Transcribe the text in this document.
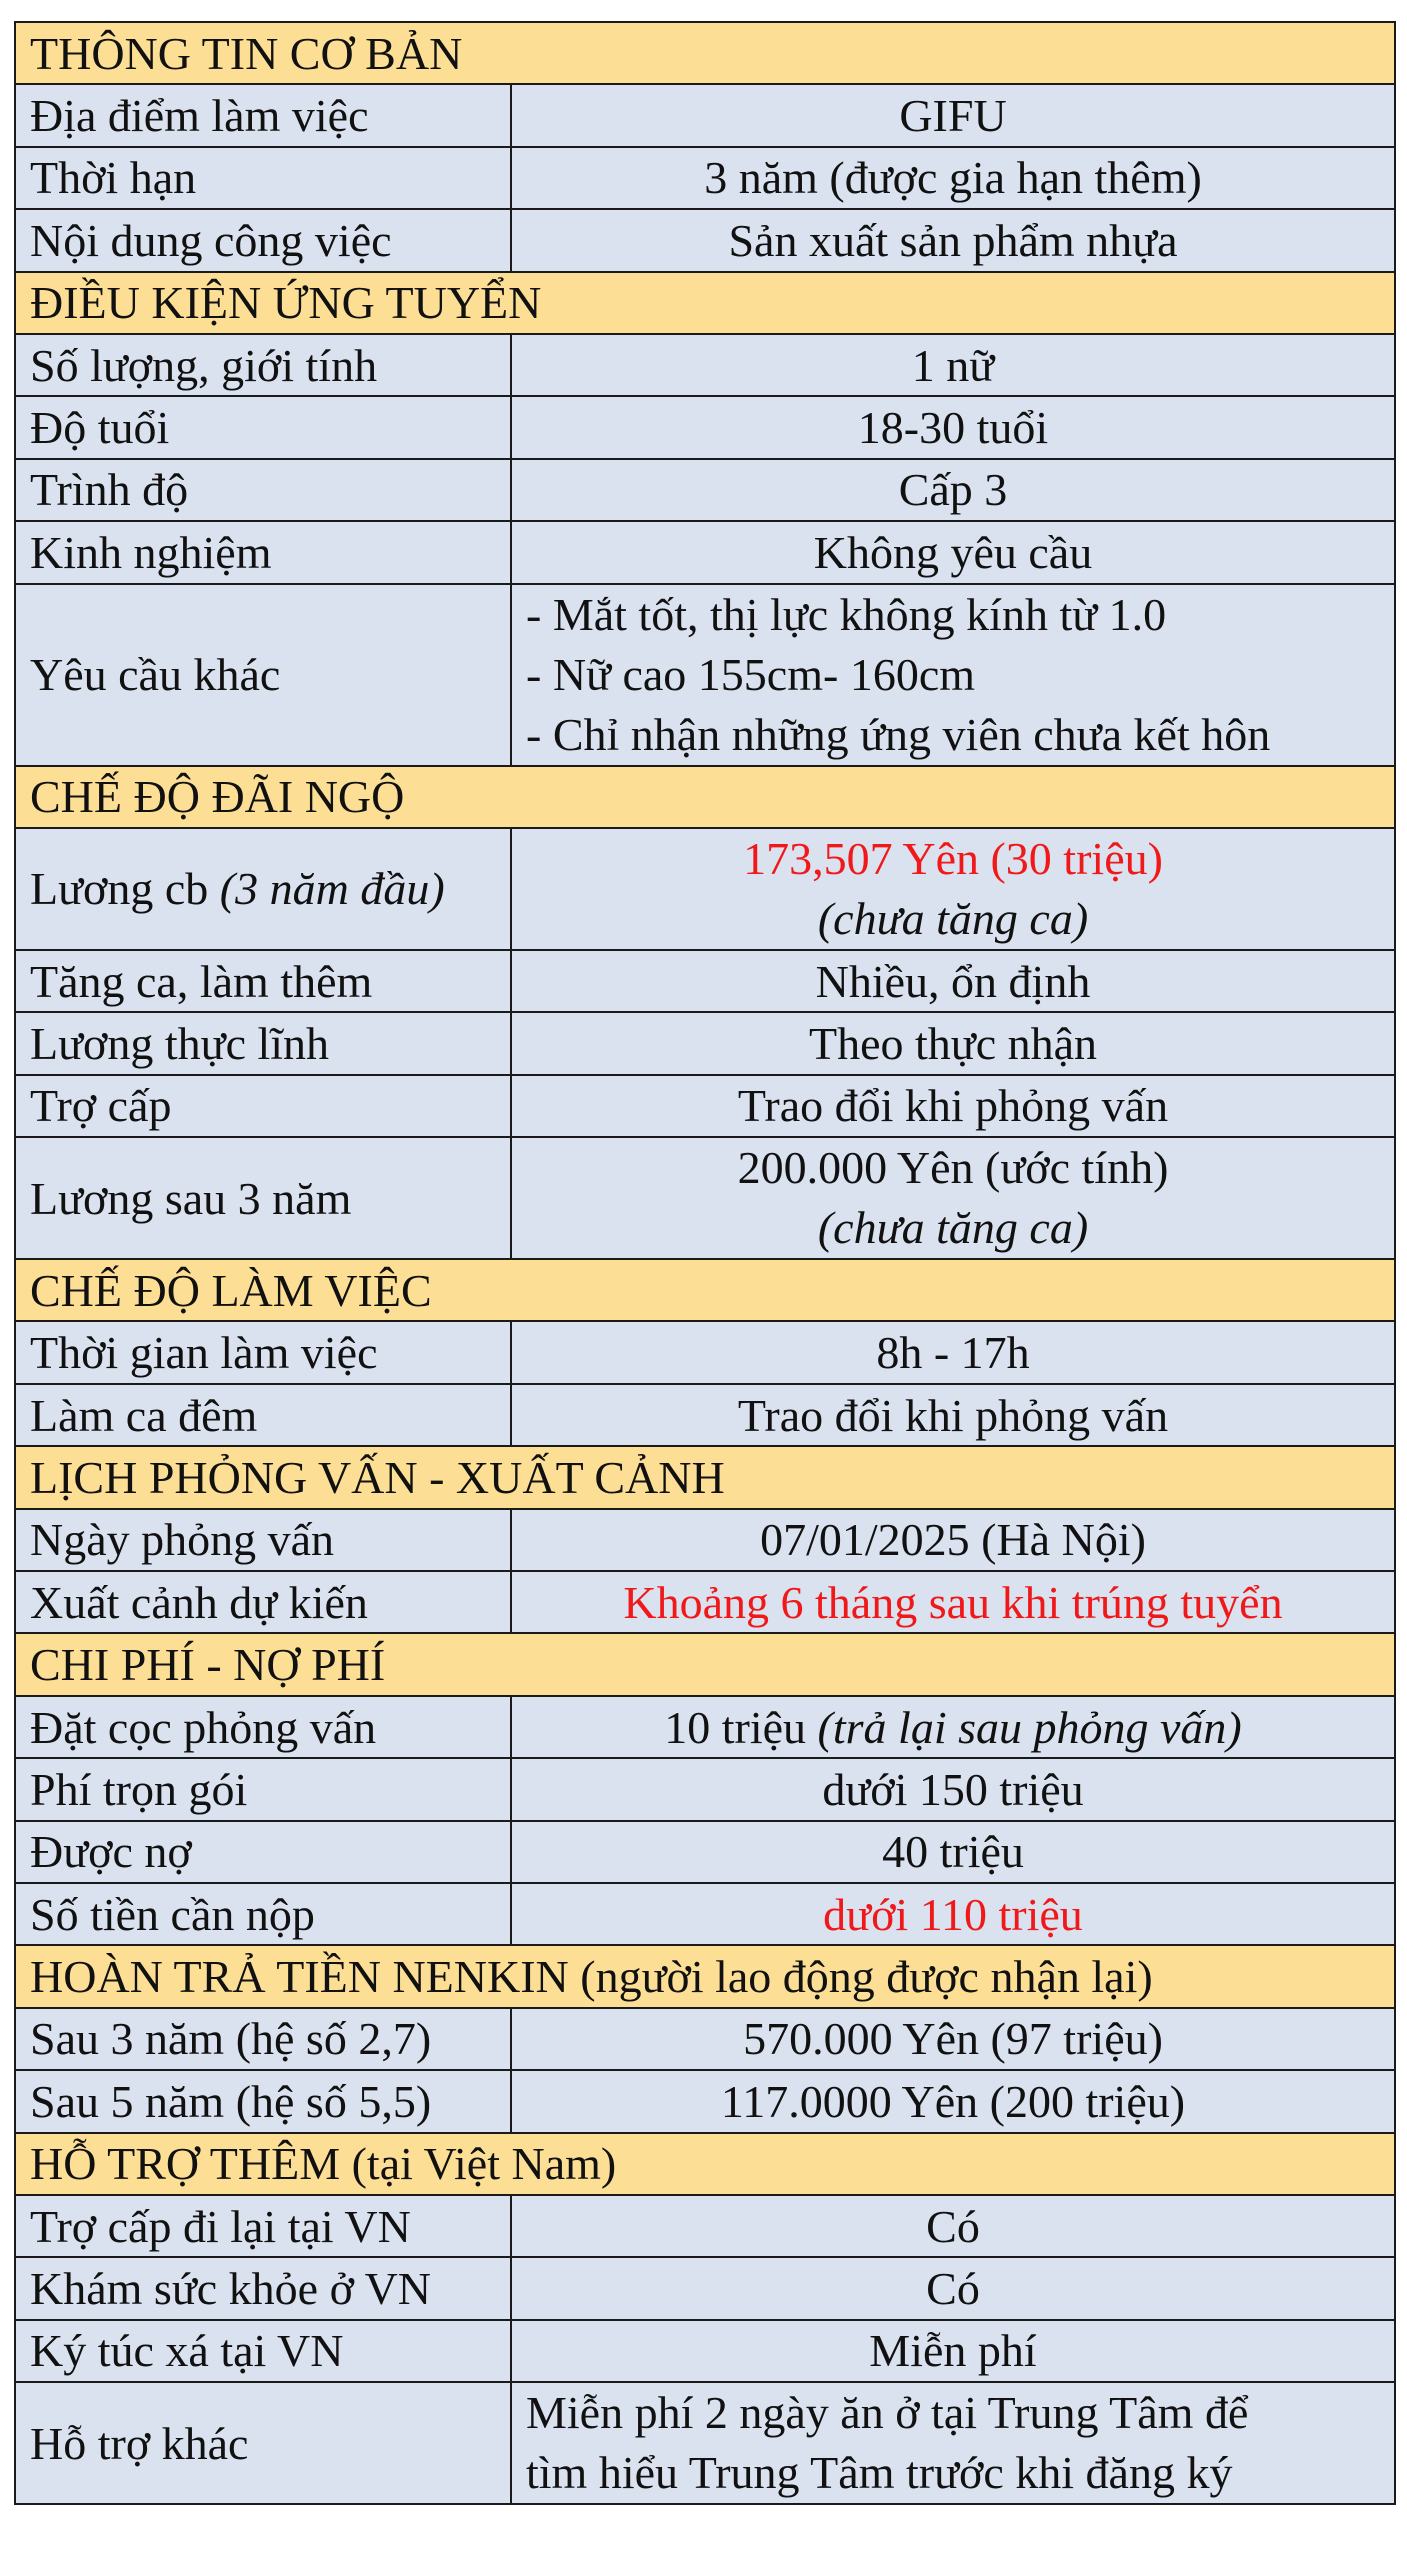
THÔNG TIN CƠ BẢN	
Địa điểm làm việc	GIFU
Thời hạn	3 năm (được gia hạn thêm)
Nội dung công việc	Sản xuất sản phẩm nhựa
ĐIỀU KIỆN ỨNG TUYỂN	
Số lượng, giới tính	1 nữ
Độ tuổi	18-30 tuổi
Trình độ	Cấp 3
Kinh nghiệm	Không yêu cầu
Yêu cầu khác	- Mắt tốt, thị lực không kính từ 1.0
- Nữ cao 155cm- 160cm
- Chỉ nhận những ứng viên chưa kết hôn

CHẾ ĐỘ ĐÃI NGỘ	
Lương cb (3 năm đầu)	173,507 Yên (30 triệu)
(chưa tăng ca)

Tăng ca, làm thêm	Nhiều, ổn định
Lương thực lĩnh	Theo thực nhận
Trợ cấp	Trao đổi khi phỏng vấn
Lương sau 3 năm	200.000 Yên (ước tính)
(chưa tăng ca)

CHẾ ĐỘ LÀM VIỆC	
Thời gian làm việc	8h - 17h
Làm ca đêm	Trao đổi khi phỏng vấn
LỊCH PHỎNG VẤN - XUẤT CẢNH	
Ngày phỏng vấn	07/01/2025 (Hà Nội)
Xuất cảnh dự kiến	Khoảng 6 tháng sau khi trúng tuyển
CHI PHÍ - NỢ PHÍ	
Đặt cọc phỏng vấn	10 triệu (trả lại sau phỏng vấn)
Phí trọn gói	dưới 150 triệu
Được nợ	40 triệu
Số tiền cần nộp	dưới 110 triệu
HOÀN TRẢ TIỀN NENKIN (người lao động được nhận lại)	
Sau 3 năm (hệ số 2,7)	570.000 Yên (97 triệu)
Sau 5 năm (hệ số 5,5)	117.0000 Yên (200 triệu)
HỖ TRỢ THÊM (tại Việt Nam)	
Trợ cấp đi lại tại VN	Có
Khám sức khỏe ở VN	Có
Ký túc xá tại VN	Miễn phí
Hỗ trợ khác	Miễn phí 2 ngày ăn ở tại Trung Tâm để
tìm hiểu Trung Tâm trước khi đăng ký
